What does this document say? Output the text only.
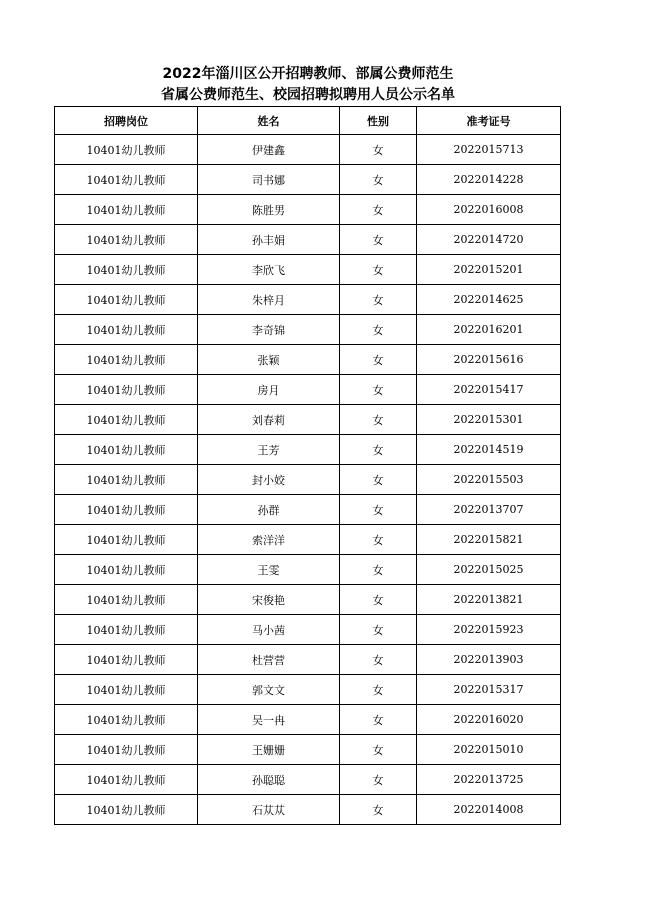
2022年淄川区公开招聘教师、部属公费师范生
省属公费师范生、校园招聘拟聘用人员公示名单
招聘岗位	姓名	性别	准考证号
10401幼儿教师	伊建鑫	女	2022015713
10401幼儿教师	司书娜	女	2022014228
10401幼儿教师	陈胜男	女	2022016008
10401幼儿教师	孙丰娟	女	2022014720
10401幼儿教师	李欣飞	女	2022015201
10401幼儿教师	朱梓月	女	2022014625
10401幼儿教师	李奇锦	女	2022016201
10401幼儿教师	张颖	女	2022015616
10401幼儿教师	房月	女	2022015417
10401幼儿教师	刘春莉	女	2022015301
10401幼儿教师	王芳	女	2022014519
10401幼儿教师	封小姣	女	2022015503
10401幼儿教师	孙群	女	2022013707
10401幼儿教师	索洋洋	女	2022015821
10401幼儿教师	王雯	女	2022015025
10401幼儿教师	宋俊艳	女	2022013821
10401幼儿教师	马小茜	女	2022015923
10401幼儿教师	杜营营	女	2022013903
10401幼儿教师	郭文文	女	2022015317
10401幼儿教师	吴一冉	女	2022016020
10401幼儿教师	王姗姗	女	2022015010
10401幼儿教师	孙聪聪	女	2022013725
10401幼儿教师	石苁苁	女	2022014008
